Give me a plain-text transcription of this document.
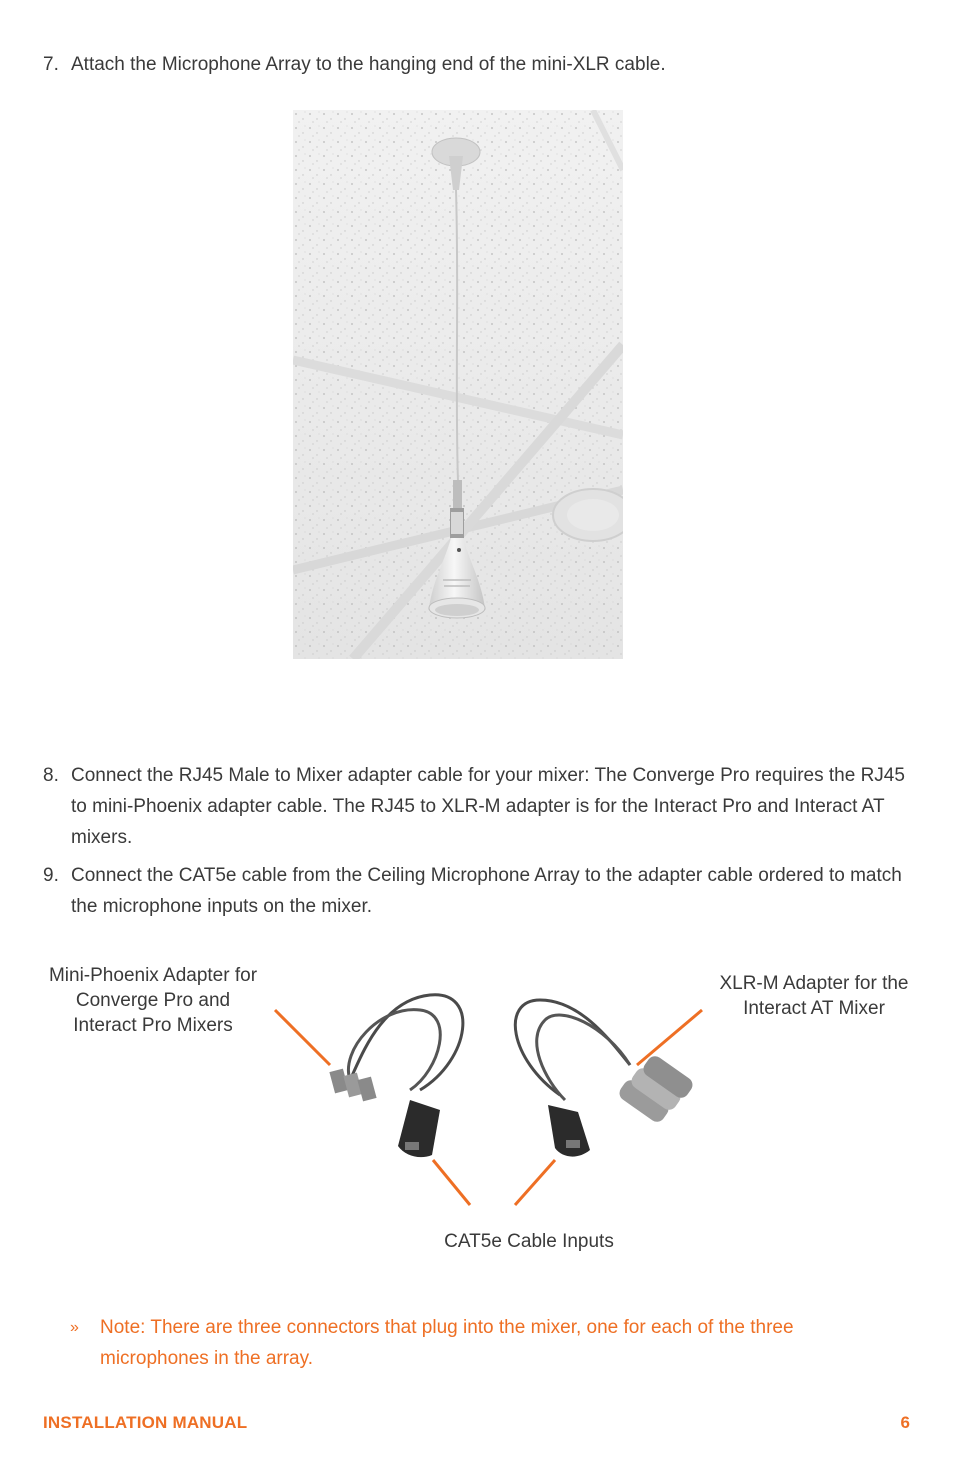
7. Attach the Microphone Array to the hanging end of the mini-XLR cable.
8. Connect the RJ45 Male to Mixer adapter cable for your mixer: The Converge Pro requires the RJ45 to mini-Phoenix adapter cable. The RJ45 to XLR-M adapter is for the Interact Pro and Interact AT mixers.
9. Connect the CAT5e cable from the Ceiling Microphone Array to the adapter cable ordered to match the microphone inputs on the mixer.
Mini-Phoenix Adapter for Converge Pro and Interact Pro Mixers
XLR-M Adapter for the Interact AT Mixer
CAT5e Cable Inputs
»	Note: There are three connectors that plug into the mixer, one for each of the three microphones in the array.
INSTALLATION MANUAL	6
